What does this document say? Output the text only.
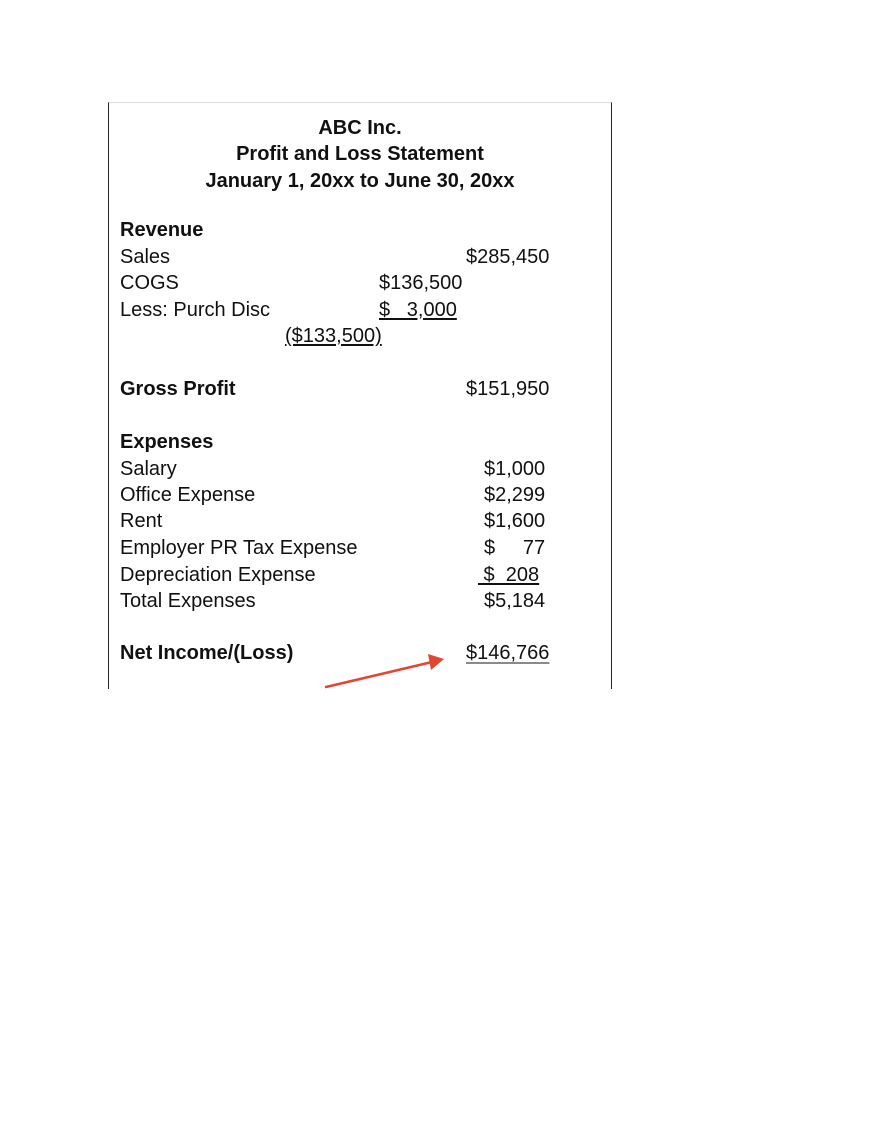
ABC Inc.
Profit and Loss Statement
January 1, 20xx to June 30, 20xx
Revenue
Sales	$285,450
COGS	$136,500
Less: Purch Disc	$   3,000
($133,500)
Gross Profit	$151,950
Expenses
Salary	$1,000
Office Expense	$2,299
Rent	$1,600
Employer PR Tax Expense	$     77
Depreciation Expense	$  208
Total Expenses	$5,184
Net Income/(Loss)	$146,766
